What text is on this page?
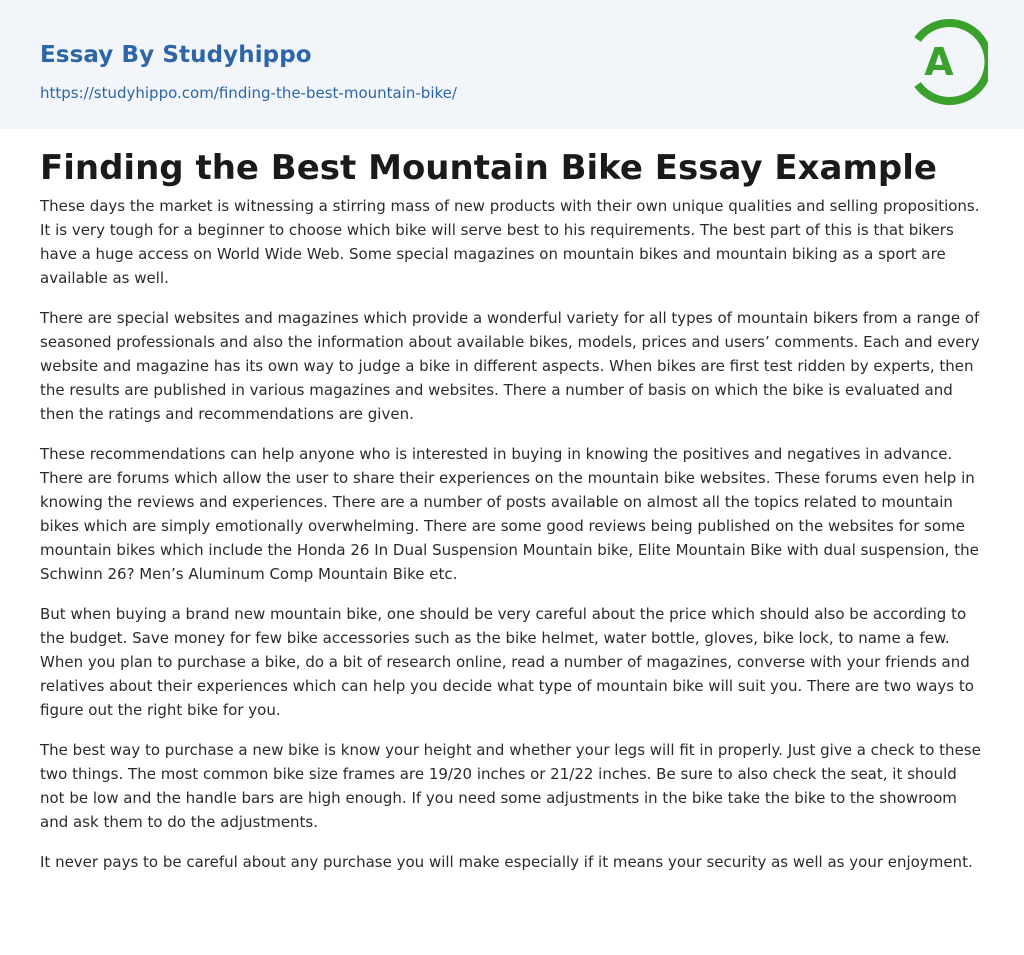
Essay By Studyhippo
https://studyhippo.com/finding-the-best-mountain-bike/
A
Finding the Best Mountain Bike Essay Example

These days the market is witnessing a stirring mass of new products with their own unique qualities and selling propositions. It is very tough for a beginner to choose which bike will serve best to his requirements. The best part of this is that bikers have a huge access on World Wide Web. Some special magazines on mountain bikes and mountain biking as a sport are available as well.

There are special websites and magazines which provide a wonderful variety for all types of mountain bikers from a range of seasoned professionals and also the information about available bikes, models, prices and users’ comments. Each and every website and magazine has its own way to judge a bike in different aspects. When bikes are first test ridden by experts, then the results are published in various magazines and websites. There a number of basis on which the bike is evaluated and then the ratings and recommendations are given.

These recommendations can help anyone who is interested in buying in knowing the positives and negatives in advance. There are forums which allow the user to share their experiences on the mountain bike websites. These forums even help in knowing the reviews and experiences. There are a number of posts available on almost all the topics related to mountain bikes which are simply emotionally overwhelming. There are some good reviews being published on the websites for some mountain bikes which include the Honda 26 In Dual Suspension Mountain bike, Elite Mountain Bike with dual suspension, the Schwinn 26? Men’s Aluminum Comp Mountain Bike etc.

But when buying a brand new mountain bike, one should be very careful about the price which should also be according to the budget. Save money for few bike accessories such as the bike helmet, water bottle, gloves, bike lock, to name a few. When you plan to purchase a bike, do a bit of research online, read a number of magazines, converse with your friends and relatives about their experiences which can help you decide what type of mountain bike will suit you. There are two ways to figure out the right bike for you.

The best way to purchase a new bike is know your height and whether your legs will fit in properly. Just give a check to these two things. The most common bike size frames are 19/20 inches or 21/22 inches. Be sure to also check the seat, it should not be low and the handle bars are high enough. If you need some adjustments in the bike take the bike to the showroom and ask them to do the adjustments.

It never pays to be careful about any purchase you will make especially if it means your security as well as your enjoyment.
